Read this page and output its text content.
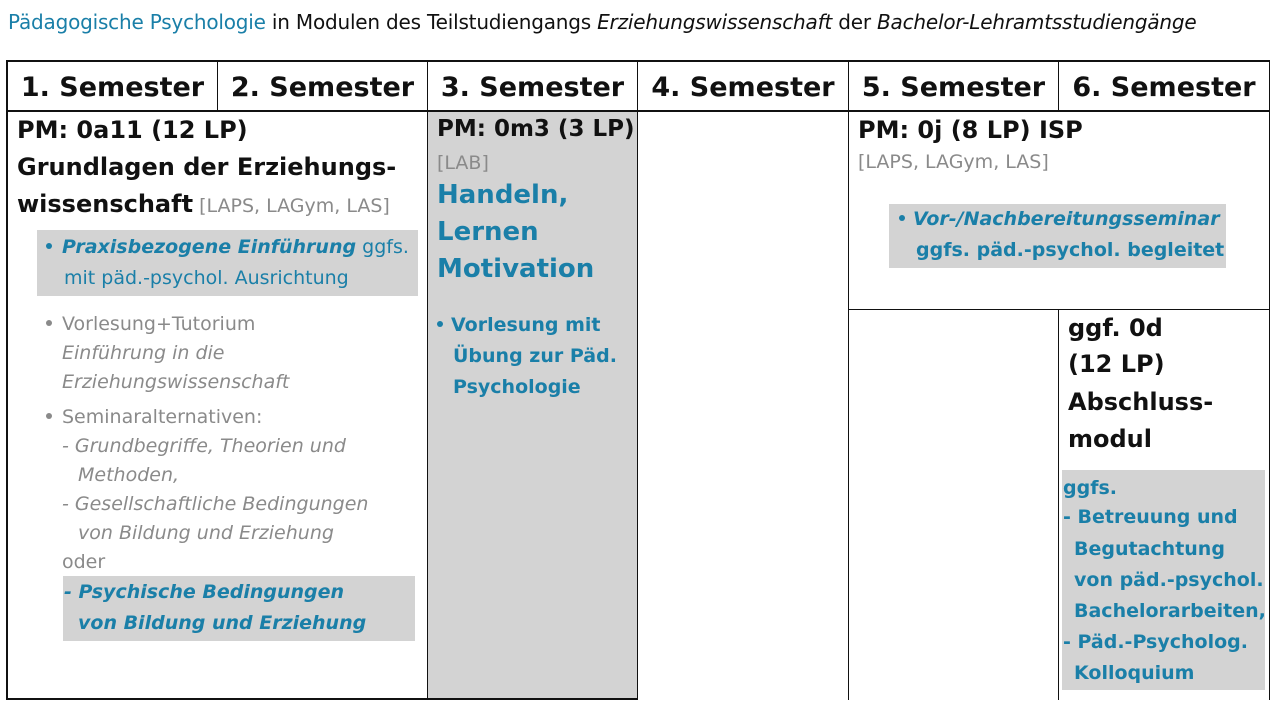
Pädagogische Psychologie in Modulen des Teilstudiengangs Erziehungswissenschaft der Bachelor-Lehramtsstudiengänge
1. Semester 2. Semester 3. Semester	4. Semester	5. Semester	6. Semester
PM: 0a11 (12 LP)
Grundlagen der Erziehungs-
wissenschaft [LAPS, LAGym, LAS]
Praxisbezogene Einführung ggfs.
mit päd.-psychol. Ausrichtung
Vorlesung+Tutorium
Einführung in die
Erziehungswissenschaft
Seminaralternativen:
- Grundbegriffe, Theorien und
Methoden,
- Gesellschaftliche Bedingungen
von Bildung und Erziehung
oder
- Psychische Bedingungen
von Bildung und Erziehung
PM: 0m3 (3 LP)
[LAB]
Handeln,
Lernen
Motivation
Vorlesung mit
Übung zur Päd.
Psychologie
PM: 0j (8 LP) ISP
[LAPS, LAGym, LAS]
Vor-/Nachbereitungsseminar
ggfs. päd.-psychol. begleitet
ggf. 0d
(12 LP)
Abschluss-
modul
ggfs.
- Betreuung und
Begutachtung
von päd.-psychol.
Bachelorarbeiten,
- Päd.-Psycholog.
Kolloquium
